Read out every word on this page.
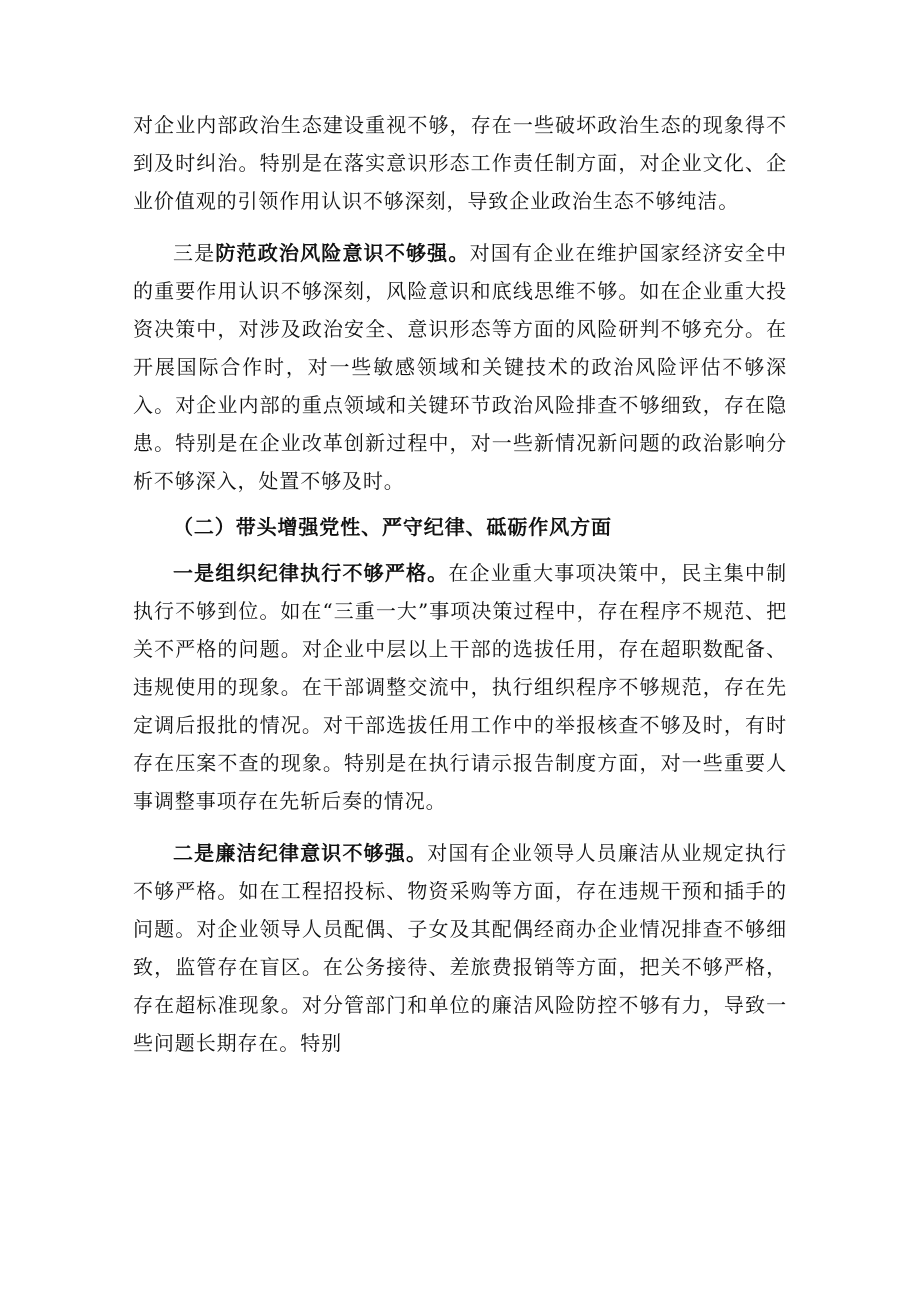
对企业内部政治生态建设重视不够，存在一些破坏政治生态的现象得不到及时纠治。特别是在落实意识形态工作责任制方面，对企业文化、企业价值观的引领作用认识不够深刻，导致企业政治生态不够纯洁。

三是防范政治风险意识不够强。对国有企业在维护国家经济安全中的重要作用认识不够深刻，风险意识和底线思维不够。如在企业重大投资决策中，对涉及政治安全、意识形态等方面的风险研判不够充分。在开展国际合作时，对一些敏感领域和关键技术的政治风险评估不够深入。对企业内部的重点领域和关键环节政治风险排查不够细致，存在隐患。特别是在企业改革创新过程中，对一些新情况新问题的政治影响分析不够深入，处置不够及时。

（二）带头增强党性、严守纪律、砥砺作风方面

一是组织纪律执行不够严格。在企业重大事项决策中，民主集中制执行不够到位。如在“三重一大”事项决策过程中，存在程序不规范、把关不严格的问题。对企业中层以上干部的选拔任用，存在超职数配备、违规使用的现象。在干部调整交流中，执行组织程序不够规范，存在先定调后报批的情况。对干部选拔任用工作中的举报核查不够及时，有时存在压案不查的现象。特别是在执行请示报告制度方面，对一些重要人事调整事项存在先斩后奏的情况。

二是廉洁纪律意识不够强。对国有企业领导人员廉洁从业规定执行不够严格。如在工程招投标、物资采购等方面，存在违规干预和插手的问题。对企业领导人员配偶、子女及其配偶经商办企业情况排查不够细致，监管存在盲区。在公务接待、差旅费报销等方面，把关不够严格，存在超标准现象。对分管部门和单位的廉洁风险防控不够有力，导致一些问题长期存在。特别
